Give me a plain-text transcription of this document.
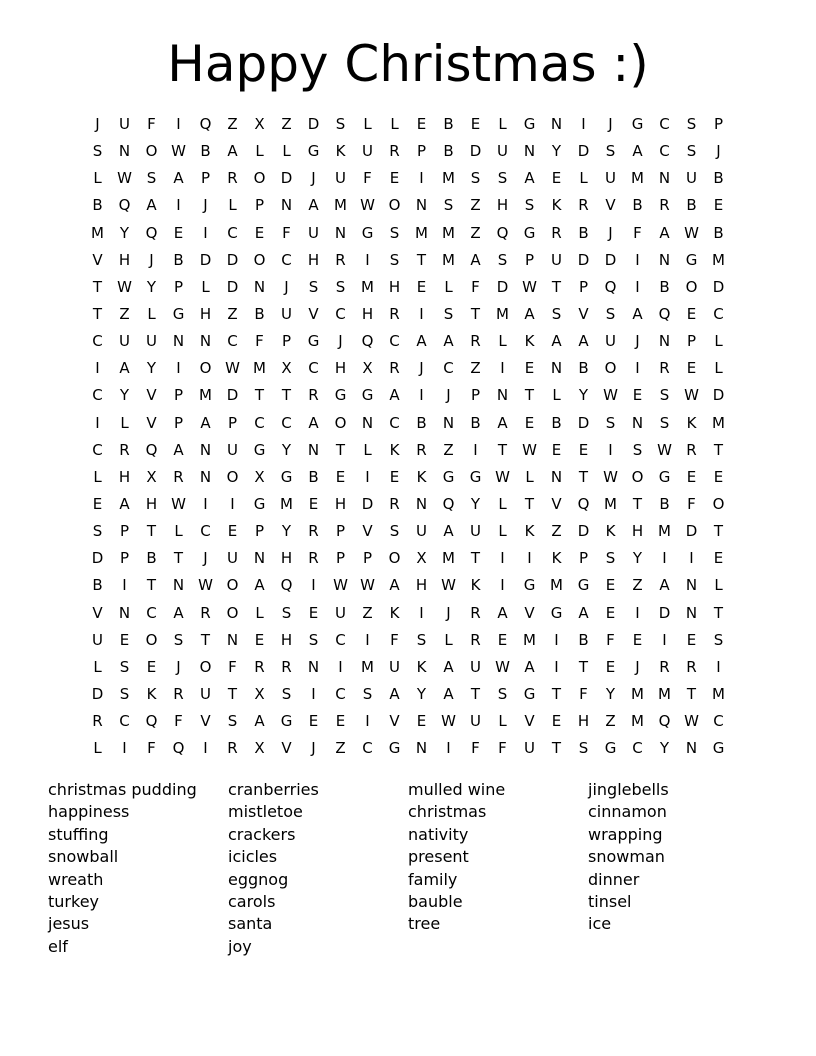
Happy Christmas :)
J	U	F	I	Q	Z	X	Z	D	S	L	L	E	B	E	L	G	N	I	J	G	C	S	P
S	N	O W B	A	L	L	G	K	U	R	P	B	D	U	N	Y	D	S	A	C	S	J
L	W S	A	P	R	O	D	J	U	F	E	I	M	S	S	A	E	L	U	M N	U	B
B	Q	A	I	J	L	P	N	A	M W O	N	S	Z	H	S	K	R	V	B	R	B	E
M	Y	Q	E	I	C	E	F	U	N	G	S	M M	Z	Q	G	R	B	J	F	A W B
V	H	J	B	D	D	O	C	H	R	I	S	T	M	A	S	P	U	D	D	I	N	G M
T	W Y	P	L	D	N	J	S	S	M H	E	L	F	D W T	P	Q	I	B	O	D
T	Z	L	G	H	Z	B	U	V	C	H	R	I	S	T	M	A	S	V	S	A	Q	E	C
C	U	U	N	N	C	F	P	G	J	Q	C	A	A	R	L	K	A	A	U	J	N	P	L
I	A	Y	I	O W M	X	C	H	X	R	J	C	Z	I	E	N	B	O	I	R	E	L
C	Y	V	P	M D	T	T	R	G	G	A	I	J	P	N	T	L	Y	W E	S W D
I	L	V	P	A	P	C	C	A	O	N	C	B	N	B	A	E	B	D	S	N	S	K	M
C	R	Q	A	N	U	G	Y	N	T	L	K	R	Z	I	T	W E	E	I	S W R	T
L	H	X	R	N	O	X	G	B	E	I	E	K	G	G W	L	N	T	W O	G	E	E
E	A	H W	I	I	G M	E	H	D	R	N	Q	Y	L	T	V	Q M	T	B	F	O
S	P	T	L	C	E	P	Y	R	P	V	S	U	A	U	L	K	Z	D	K	H M D	T
D	P	B	T	J	U	N	H	R	P	P	O	X	M	T	I	I	K	P	S	Y	I	I	E
B	I	T	N W O	A	Q	I	W W A	H W K	I	G M G	E	Z	A	N	L
V	N	C	A	R	O	L	S	E	U	Z	K	I	J	R	A	V	G	A	E	I	D	N	T
U	E	O	S	T	N	E	H	S	C	I	F	S	L	R	E	M	I	B	F	E	I	E	S
L	S	E	J	O	F	R	R	N	I	M	U	K	A	U W A	I	T	E	J	R	R	I
D	S	K	R	U	T	X	S	I	C	S	A	Y	A	T	S	G	T	F	Y	M M	T	M
R	C	Q	F	V	S	A	G	E	E	I	V	E W U	L	V	E	H	Z	M Q W C
L	I	F	Q	I	R	X	V	J	Z	C	G	N	I	F	F	U	T	S	G	C	Y	N	G
christmas pudding
happiness
stuffing
snowball
wreath
turkey
jesus
elf
cranberries
mistletoe
crackers
icicles
eggnog
carols
santa
joy
mulled wine
christmas
nativity
present
family
bauble
tree
jinglebells
cinnamon
wrapping
snowman
dinner
tinsel
ice
